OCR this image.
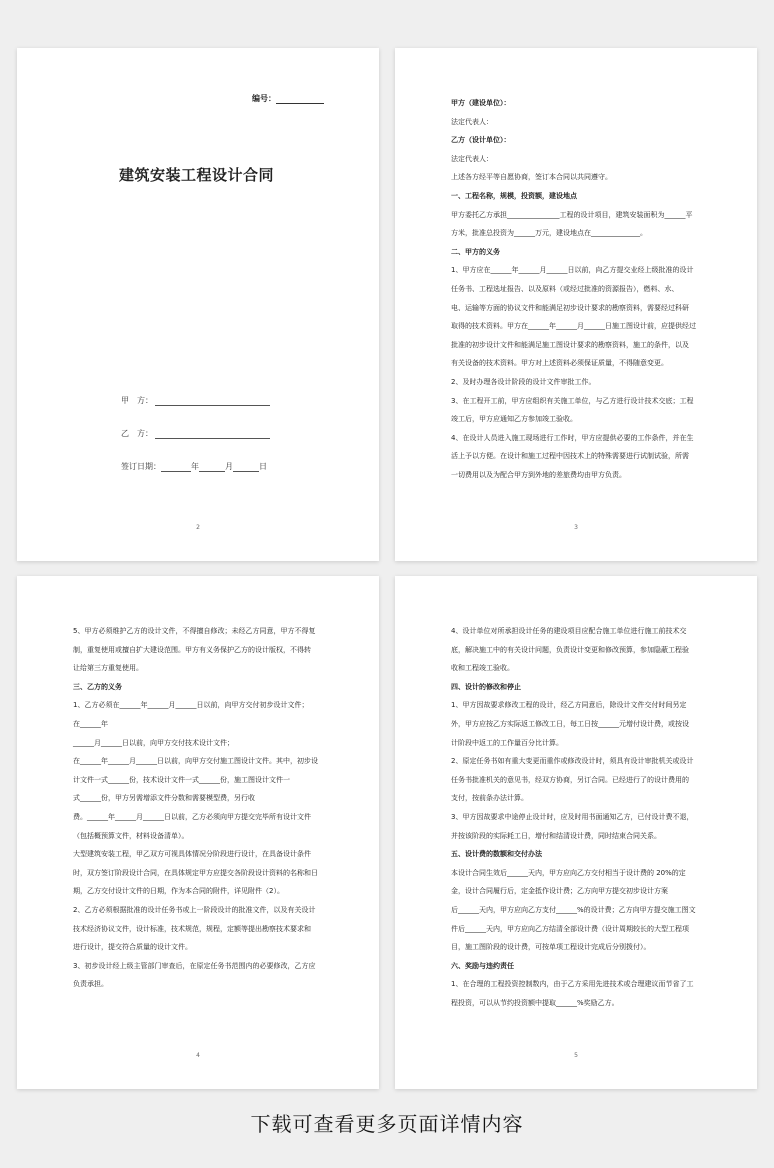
编号：
建筑安装工程设计合同
甲　方：
乙　方：
签订日期：	年	月	日
2
甲方（建设单位）：
法定代表人：
乙方（设计单位）：
法定代表人：
上述各方经平等自愿协商，签订本合同以共同遵守。
一、工程名称，规模，投资额，建设地点
甲方委托乙方承担_______________工程的设计项目，建筑安装面积为______平
方米，批准总投资为______万元，建设地点在______________。
二、甲方的义务
1、甲方应在______年______月______日以前，向乙方提交业经上级批准的设计
任务书、工程选址报告、以及原料（或经过批准的资源报告），燃料、水、
电、运输等方面的协议文件和能满足初步设计要求的勘察资料，需要经过科研
取得的技术资料。甲方在______年______月______日施工图设计前，应提供经过
批准的初步设计文件和能满足施工图设计要求的勘察资料，施工的条件，以及
有关设备的技术资料。甲方对上述资料必须保证质量，不得随意变更。
2、及时办理各设计阶段的设计文件审批工作。
3、在工程开工前，甲方应组织有关施工单位，与乙方进行设计技术交底；工程
竣工后，甲方应通知乙方参加竣工验收。
4、在设计人员进入施工现场进行工作时，甲方应提供必要的工作条件，并在生
活上予以方便。在设计和施工过程中因技术上的特殊需要进行试制试验，所需
一切费用以及为配合甲方到外地的差旅费均由甲方负责。
3
5、甲方必须维护乙方的设计文件，不得擅自修改；未经乙方同意，甲方不得复
制，重复使用或擅自扩大建设范围。甲方有义务保护乙方的设计版权，不得转
让给第三方重复使用。
三、乙方的义务
1、乙方必须在______年______月______日以前，向甲方交付初步设计文件；
在______年
______月______日以前，向甲方交付技术设计文件；
在______年______月______日以前，向甲方交付施工图设计文件。其中，初步设
计文件一式______份，技术设计文件一式______份，施工图设计文件一
式______份，甲方另需增添文件分数和需要模型费，另行收
费。______年______月______日以前，乙方必须向甲方提交完毕所有设计文件
（包括概预算文件，材料设备清单）。
大型建筑安装工程，甲乙双方可视具体情况分阶段进行设计，在具备设计条件
时，双方签订阶段设计合同，在具体规定甲方应提交各阶段设计资料的名称和日
期，乙方交付设计文件的日期，作为本合同的附件，详见附件（2）。
2、乙方必须根据批准的设计任务书或上一阶段设计的批准文件，以及有关设计
技术经济协议文件，设计标准，技术规范，规程，定额等提出勘察技术要求和
进行设计，提交符合质量的设计文件。
3、初步设计经上级主管部门审查后，在原定任务书范围内的必要修改，乙方应
负责承担。
4
4、设计单位对所承担设计任务的建设项目应配合施工单位进行施工前技术交
底，解决施工中的有关设计问题，负责设计变更和修改预算，参加隐蔽工程验
收和工程竣工验收。
四、设计的修改和停止
1、甲方因故要求修改工程的设计，经乙方同意后，除设计文件交付时间另定
外，甲方应按乙方实际返工修改工日，每工日按______元增付设计费，或按设
计阶段中返工的工作量百分比计算。
2、原定任务书如有重大变更而重作或修改设计时，须具有设计审批机关或设计
任务书批准机关的意见书，经双方协商，另订合同。已经进行了的设计费用的
支付，按前条办法计算。
3、甲方因故要求中途停止设计时，应及时用书面通知乙方，已付设计费不退，
并按该阶段的实际耗工日，增付和结清设计费，同时结束合同关系。
五、设计费的数额和交付办法
本设计合同生效后______天内，甲方应向乙方交付相当于设计费的 20%的定
金，设计合同履行后，定金抵作设计费；乙方向甲方提交初步设计方案
后______天内，甲方应向乙方支付______%的设计费；乙方向甲方提交施工图文
件后______天内，甲方应向乙方结清全部设计费（设计周期较长的大型工程项
目，施工图阶段的设计费，可按单项工程设计完成后分别拨付）。
六、奖励与违约责任
1、在合理的工程投资控制数内，由于乙方采用先进技术或合理建议而节省了工
程投资，可以从节约投资额中提取______%奖励乙方。
5
下载可查看更多页面详情内容
